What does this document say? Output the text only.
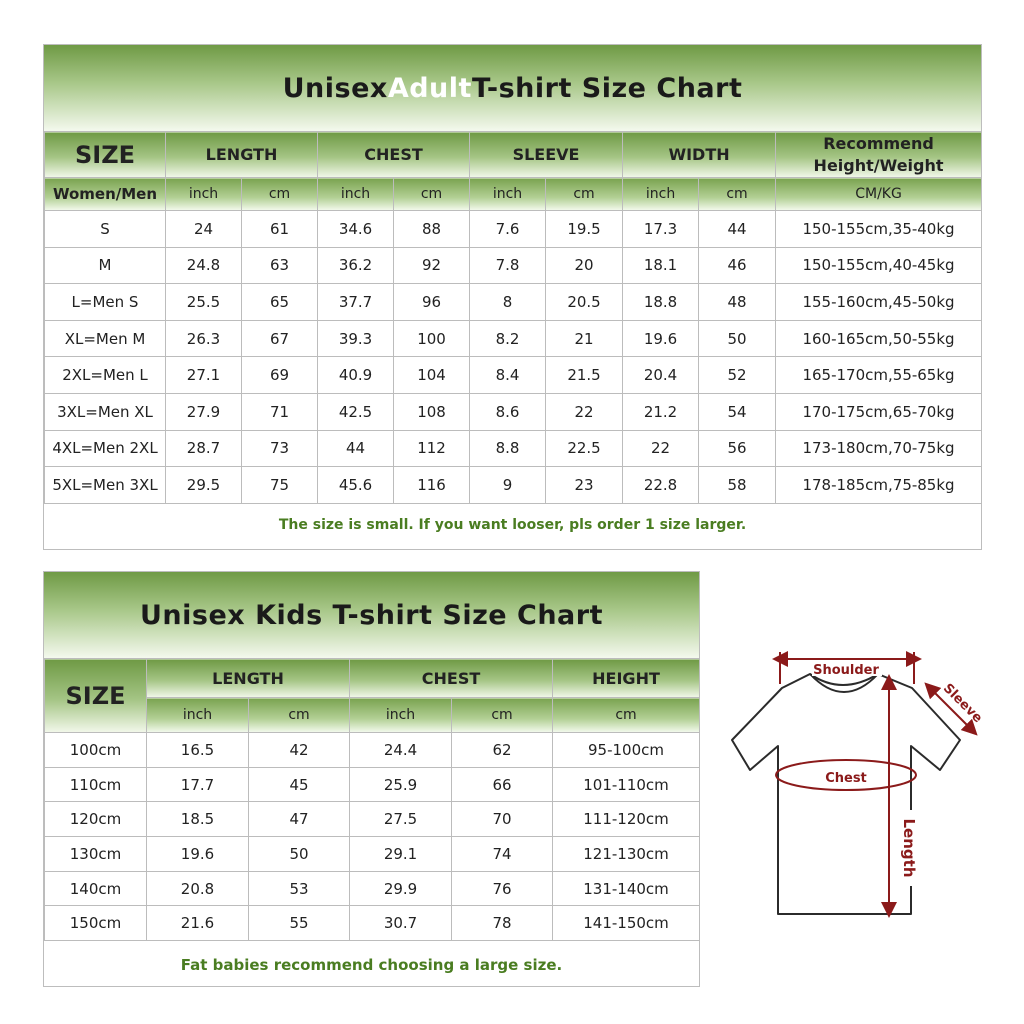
Unisex Adult T-shirt Size Chart
SIZE	LENGTH		CHEST		SLEEVE		WIDTH		Recommend Height/Weight
Women/Men	inch	cm	inch	cm	inch	cm	inch	cm	CM/KG
S	24	61	34.6	88	7.6	19.5	17.3	44	150-155cm,35-40kg
M	24.8	63	36.2	92	7.8	20	18.1	46	150-155cm,40-45kg
L=Men S	25.5	65	37.7	96	8	20.5	18.8	48	155-160cm,45-50kg
XL=Men M	26.3	67	39.3	100	8.2	21	19.6	50	160-165cm,50-55kg
2XL=Men L	27.1	69	40.9	104	8.4	21.5	20.4	52	165-170cm,55-65kg
3XL=Men XL	27.9	71	42.5	108	8.6	22	21.2	54	170-175cm,65-70kg
4XL=Men 2XL	28.7	73	44	112	8.8	22.5	22	56	173-180cm,70-75kg
5XL=Men 3XL	29.5	75	45.6	116	9	23	22.8	58	178-185cm,75-85kg
The size is small. If you want looser, pls order 1 size larger.
Unisex Kids T-shirt Size Chart
SIZE	LENGTH		CHEST		HEIGHT
	inch	cm	inch	cm	cm
100cm	16.5	42	24.4	62	95-100cm
110cm	17.7	45	25.9	66	101-110cm
120cm	18.5	47	27.5	70	111-120cm
130cm	19.6	50	29.1	74	121-130cm
140cm	20.8	53	29.9	76	131-140cm
150cm	21.6	55	30.7	78	141-150cm
Fat babies recommend choosing a large size.
Shoulder
Sleeve
Chest
Length
